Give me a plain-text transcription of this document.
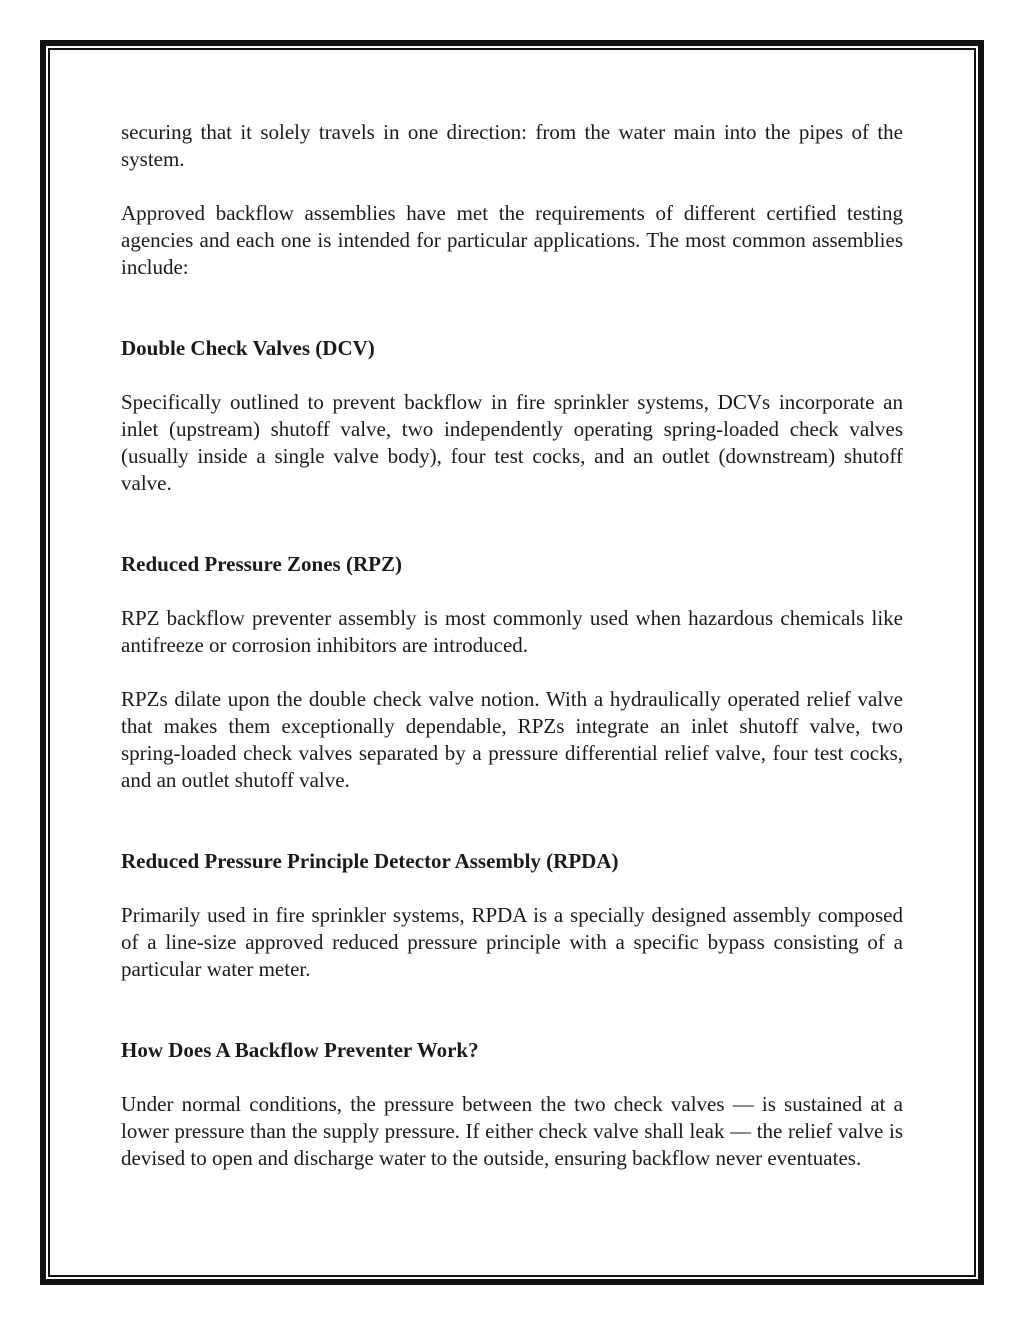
securing that it solely travels in one direction: from the water main into the pipes of the system.

Approved backflow assemblies have met the requirements of different certified testing agencies and each one is intended for particular applications. The most common assemblies include:

Double Check Valves (DCV)

Specifically outlined to prevent backflow in fire sprinkler systems, DCVs incorporate an inlet (upstream) shutoff valve, two independently operating spring-loaded check valves (usually inside a single valve body), four test cocks, and an outlet (downstream) shutoff valve.

Reduced Pressure Zones (RPZ)

RPZ backflow preventer assembly is most commonly used when hazardous chemicals like antifreeze or corrosion inhibitors are introduced.

RPZs dilate upon the double check valve notion. With a hydraulically operated relief valve that makes them exceptionally dependable, RPZs integrate an inlet shutoff valve, two spring-loaded check valves separated by a pressure differential relief valve, four test cocks, and an outlet shutoff valve.

Reduced Pressure Principle Detector Assembly (RPDA)

Primarily used in fire sprinkler systems, RPDA is a specially designed assembly composed of a line-size approved reduced pressure principle with a specific bypass consisting of a particular water meter.

How Does A Backflow Preventer Work?

Under normal conditions, the pressure between the two check valves — is sustained at a lower pressure than the supply pressure. If either check valve shall leak — the relief valve is devised to open and discharge water to the outside, ensuring backflow never eventuates.
